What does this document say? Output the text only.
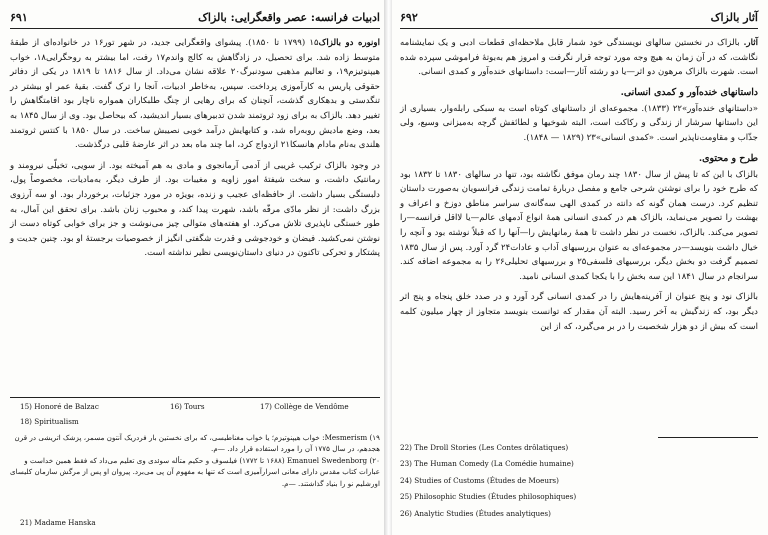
۶۹۱	ادبیات فرانسه: عصر واقعگرایی: بالزاک

اونوره دو بالزاک۱۵ (۱۷۹۹ تا ۱۸۵۰). پیشوای واقعگرایی جدید، در شهر تور۱۶ در خانواده‌ای از طبقهٔ متوسط زاده شد. برای تحصیل، در زادگاهش به کالج واندم۱۷ رفت، اما بیشتر به روحگرایی۱۸، خواب هیپنوتیزم۱۹، و تعالیم مذهبی سودنبرگ۲۰ علاقه نشان می‌داد. از سال ۱۸۱۶ تا ۱۸۱۹ در یکی از دفاتر حقوقی پاریس به کارآموزی پرداخت. سپس، به‌خاطر ادبیات، آنجا را ترک گفت. بقیهٔ عمر او بیشتر در تنگدستی و بدهکاری گذشت، آنچنان که برای رهایی از چنگ طلبکاران همواره ناچار بود اقامتگاهش را تغییر دهد. بالزاک به برای زود ثروتمند شدن تدبیرهای بسیار اندیشید، که بیحاصل بود. وی از سال ۱۸۴۵ به بعد، وضع مادیش روبه‌راه شد، و کتابهایش درآمد خوبی نصیبش ساخت. در سال ۱۸۵۰ با کنتس ثروتمند هلندی به‌نام مادام هانسکا۲۱ ازدواج کرد، اما چند ماه بعد در اثر عارضهٔ قلبی درگذشت.

در وجود بالزاک ترکیب غریبی از آدمی آرمانجوی و مادی به هم آمیخته بود. از سویی، تخیلّی نیرومند و رمانتیک داشت، و سخت شیفتهٔ امور زاویه و مغیبات بود. از طرف دیگر، به‌مادیات، مخصوصاً پول، دلبستگی بسیار داشت. از حافظه‌ای عجیب و زنده، بویژه در مورد جزئیات، برخوردار بود. او سه آرزوی بزرگ داشت: از نظر مادّی مرفّه باشد، شهرت پیدا کند، و محبوب زنان باشد. برای تحقق این آمال، به طور خستگی ناپذیری تلاش می‌کرد. او هفته‌های متوالی چیز می‌نوشت و جز برای خوابی کوتاه دست از نوشتن نمی‌کشید. فیضان و خودجوشی و قدرت شگفتی انگیز از خصوصیات برجستهٔ او بود. چنین جدیت و پشتکار و تحرکی تاکنون در دنیای داستان‌نویسی نظیر نداشته است.

15) Honoré de Balzac	16) Tours	17) Collège de Vendôme
18) Spiritualism

۱۹) Mesmerism: خواب هیپنوتیزم؛ یا خواب مغناطیسی، که برای نخستین بار فردریک آنتون مسمر، پزشک اتریشی در قرن هجدهم، در سال ۱۷۷۵ آن را مورد استفاده قرار داد. —م.

۲۰) Emanuel Swedenborg (۱۶۸۸ تا ۱۷۷۲) فیلسوف و حکیم متأله سوئدی وی تعلیم می‌داد که فقط همین خداست و عبارات کتاب مقدس دارای معانی اسرارآمیزی است که تنها به مفهوم آن پی می‌برد. پیروان او پس از مرگش سازمان کلیسای اورشلیم نو را بنیاد گذاشتند. —م.

21) Madame Hanska
۶۹۲	آثار بالزاک

آثار. بالزاک در نخستین سالهای نویسندگی خود شمار قابل ملاحظه‌ای قطعات ادبی و یک نمایشنامه نگاشت، که در آن زمان به هیچ وجه مورد توجه قرار نگرفت و امروز هم به‌بوتهٔ فراموشی سپرده شده است. شهرت بالزاک مرهون دو اثر—یا دو رشته آثار—است: داستانهای خنده‌آور و کمدی انسانی.

داستانهای خنده‌آور و کمدی انسانی.

«داستانهای خنده‌آور»۲۲ (۱۸۳۳). مجموعه‌ای از داستانهای کوتاه است به سبکی رابله‌وار، بسیاری از این داستانها سرشار از زندگی و رکاکت است، البته شوخیها و لطائفش گرچه به‌میزانی وسیع، ولی جذّاب و مقاومت‌ناپذیر است. «کمدی انسانی»۲۳ (۱۸۲۹ — ۱۸۴۸).

طرح و محتوی.

بالزاک با این که تا پیش از سال ۱۸۳۰ چند رمان موفق نگاشته بود، تنها در سالهای ۱۸۳۰ تا ۱۸۳۲ بود که طرح خود را برای نوشتن شرحی جامع و مفصل دربارهٔ تمامت زندگی فرانسویان به‌صورت داستان تنظیم کرد. درست همان گونه که دانته در کمدی الهی سه‌گانه‌ی سراسر مناطق دوزخ و اعراف و بهشت را تصویر می‌نماید، بالزاک هم در کمدی انسانی همهٔ انواع آدمهای عالم—یا لااقل فرانسه—را تصویر می‌کند. بالزاک، نخست در نظر داشت تا همهٔ رمانهایش را—آنها را که قبلاً نوشته بود و آنچه را خیال داشت بنویسد—در مجموعه‌ای به عنوان بررسیهای آداب و عادات۲۴ گرد آورد. پس از سال ۱۸۳۵ تصمیم گرفت دو بخش دیگر، بررسیهای فلسفی۲۵ و بررسیهای تحلیلی۲۶ را به مجموعه اضافه کند. سرانجام در سال ۱۸۴۱ این سه بخش را با یکجا کمدی انسانی نامید.

بالزاک نود و پنج عنوان از آفرینه‌هایش را در کمدی انسانی گرد آورد و در صدد خلق پنجاه و پنج اثر دیگر بود، که زندگیش به آخر رسید. البته آن مقدار که توانست بنویسد متجاوز از چهار میلیون کلمه است که بیش از دو هزار شخصیت را در بر می‌گیرد، که از این

22) The Droll Stories (Les Contes drôlatiques)

23) The Human Comedy (La Comédie humaine)

24) Studies of Customs (Études de Moeurs)

25) Philosophic Studies (Études philosophiques)

26) Analytic Studies (Études analytiques)
